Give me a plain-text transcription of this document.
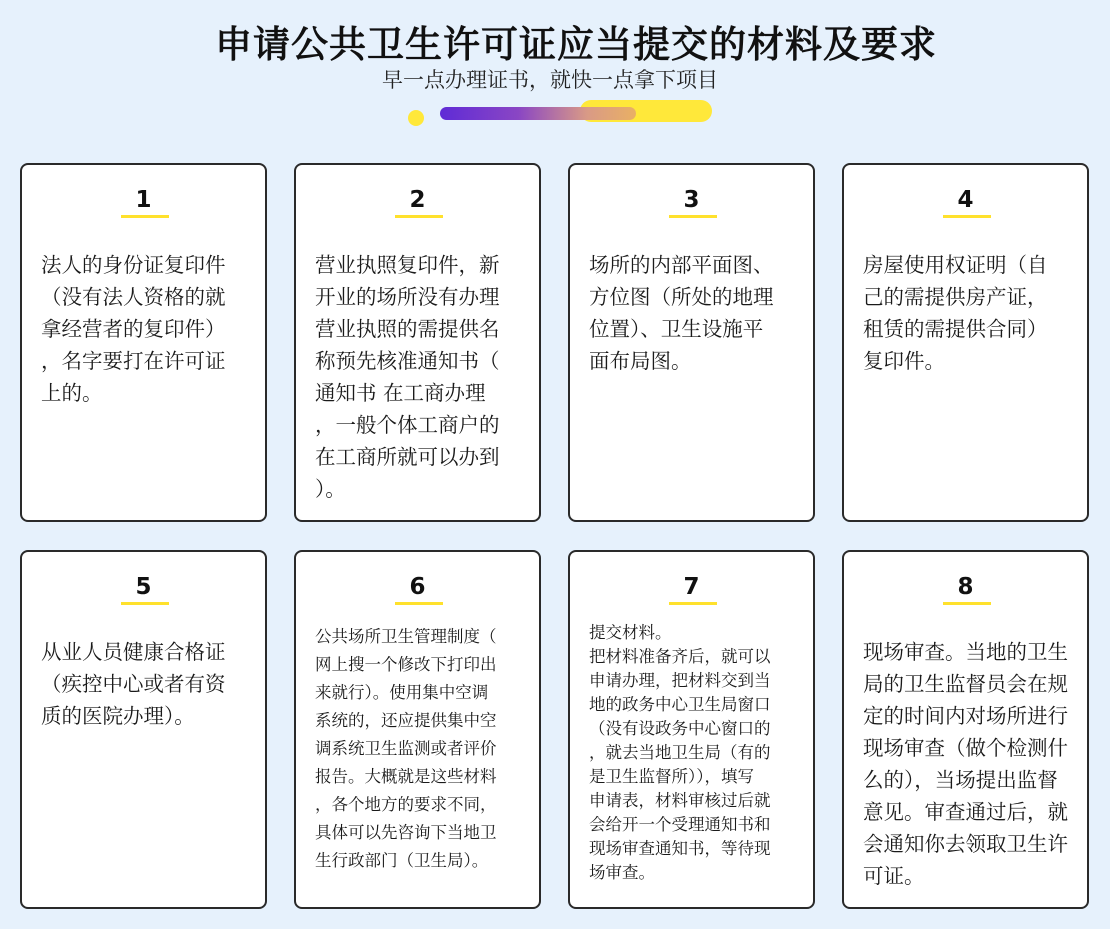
申请公共卫生许可证应当提交的材料及要求
早一点办理证书，就快一点拿下项目
1
法人的身份证复印件
（没有法人资格的就
拿经营者的复印件）
，名字要打在许可证
上的。
2
营业执照复印件，新
开业的场所没有办理
营业执照的需提供名
称预先核准通知书（
通知书 在工商办理
，一般个体工商户的
在工商所就可以办到
）。
3
场所的内部平面图、
方位图（所处的地理
位置）、卫生设施平
面布局图。
4
房屋使用权证明（自
己的需提供房产证，
租赁的需提供合同）
复印件。
5
从业人员健康合格证
（疾控中心或者有资
质的医院办理）。
6
公共场所卫生管理制度（
网上搜一个修改下打印出
来就行）。使用集中空调
系统的，还应提供集中空
调系统卫生监测或者评价
报告。大概就是这些材料
，各个地方的要求不同，
具体可以先咨询下当地卫
生行政部门（卫生局）。
7
提交材料。
把材料准备齐后，就可以
申请办理，把材料交到当
地的政务中心卫生局窗口
（没有设政务中心窗口的
，就去当地卫生局（有的
是卫生监督所）），填写
申请表，材料审核过后就
会给开一个受理通知书和
现场审查通知书，等待现
场审查。
8
现场审查。当地的卫生
局的卫生监督员会在规
定的时间内对场所进行
现场审查（做个检测什
么的），当场提出监督
意见。审查通过后，就
会通知你去领取卫生许
可证。
